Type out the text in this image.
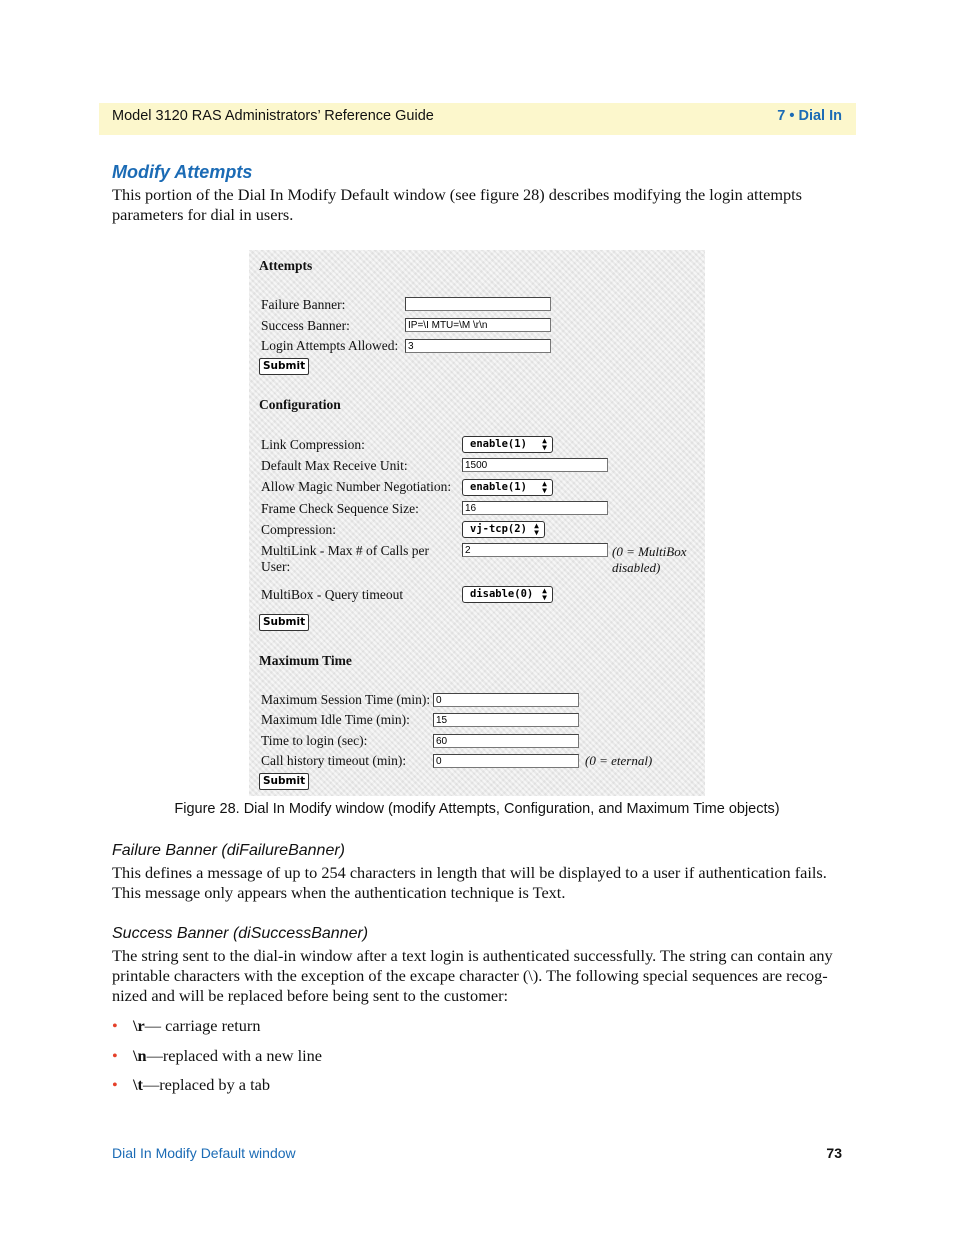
Model 3120 RAS Administrators’ Reference Guide	7 • Dial In
Modify Attempts
This portion of the Dial In Modify Default window (see figure 28) describes modifying the login attempts parameters for dial in users.
Attempts
Failure Banner:
Success Banner:	IP=\I MTU=\M \r\n
Login Attempts Allowed: 3
Submit
Configuration
Link Compression:	enable(1) ▲
▼
Default Max Receive Unit:	1500
Allow Magic Number Negotiation:	enable(1) ▲
▼
Frame Check Sequence Size:	16
Compression:	vj-tcp(2) ▲
▼
MultiLink - Max # of Calls per
User:
2	(0 = MultiBox
disabled)
MultiBox - Query timeout	disable(0) ▲
▼
Submit
Maximum Time
Maximum Session Time (min): 0
Maximum Idle Time (min):	15
Time to login (sec):	60
Call history timeout (min):	0	(0 = eternal)
Submit
Figure 28. Dial In Modify window (modify Attempts, Configuration, and Maximum Time objects)
Failure Banner (diFailureBanner)
This defines a message of up to 254 characters in length that will be displayed to a user if authentication fails.
This message only appears when the authentication technique is Text.
Success Banner (diSuccessBanner)
The string sent to the dial-in window after a text login is authenticated successfully. The string can contain any
printable characters with the exception of the excape character (\). The following special sequences are recog-
nized and will be replaced before being sent to the customer:
• \r— carriage return
• \n—replaced with a new line
• \t—replaced by a tab
Dial In Modify Default window	73
